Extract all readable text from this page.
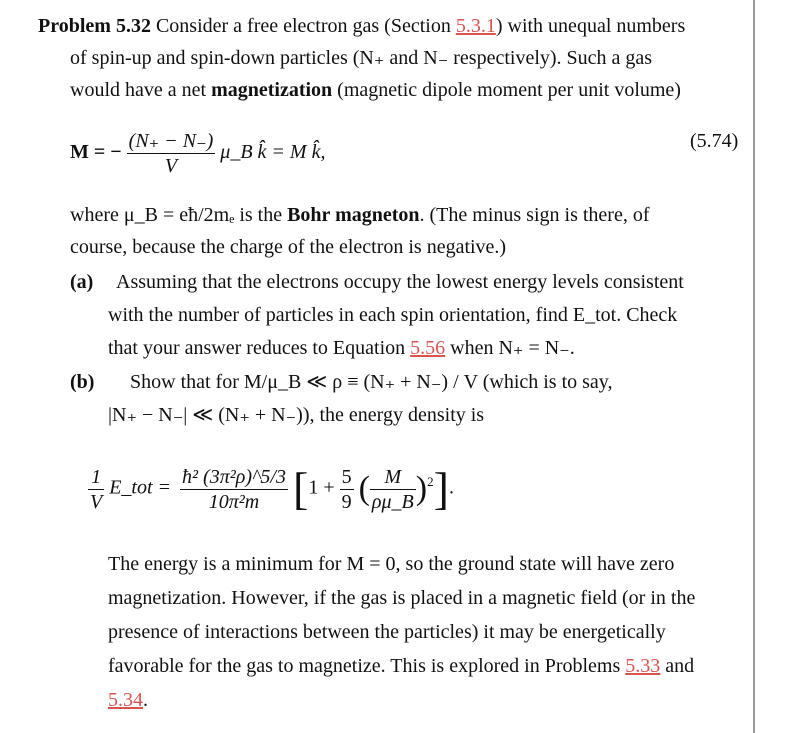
Problem 5.32 Consider a free electron gas (Section 5.3.1) with unequal numbers
of spin-up and spin-down particles (N₊ and N₋ respectively). Such a gas
would have a net magnetization (magnetic dipole moment per unit volume)
M = − $\frac{(N_+ - N_-)}{V}$ μ_B k̂ = M k̂,	(5.74)
where μ_B = eħ/2mₑ is the Bohr magneton. (The minus sign is there, of
course, because the charge of the electron is negative.)
(a) Assuming that the electrons occupy the lowest energy levels consistent
with the number of particles in each spin orientation, find E_tot. Check
that your answer reduces to Equation 5.56 when N₊ = N₋.
(b) Show that for M/μ_B ≪ ρ ≡ (N₊ + N₋) / V (which is to say,
|N₊ − N₋| ≪ (N₊ + N₋)), the energy density is
$\frac{1}{V}$ E_tot = $\frac{\text{ħ² (3π²ρ)\textasciicircum{}5/3}}{\text{10π²m}} [1 + \frac{5}{9}$ ( $\frac{M}{\rho\mu\_B} )^2$].
The energy is a minimum for M = 0, so the ground state will have zero
magnetization. However, if the gas is placed in a magnetic field (or in the
presence of interactions between the particles) it may be energetically
favorable for the gas to magnetize. This is explored in Problems 5.33 and
5.34.
